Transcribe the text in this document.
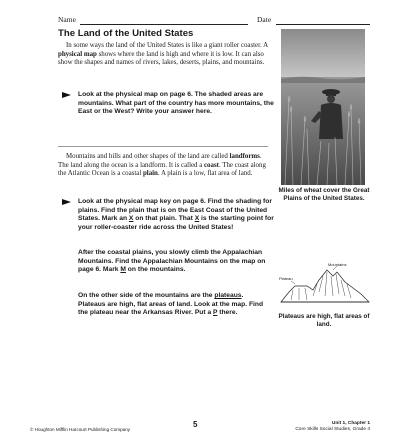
Name	Date
The Land of the United States
In some ways the land of the United States is like a giant roller coaster. A physical map shows where the land is high and where it is low. It can also show the shapes and names of rivers, lakes, deserts, plains, and mountains.
Look at the physical map on page 6. The shaded areas are mountains. What part of the country has more mountains, the East or the West? Write your answer here.
Mountains and hills and other shapes of the land are called landforms. The land along the ocean is a landform. It is called a coast. The coast along the Atlantic Ocean is a coastal plain. A plain is a low, flat area of land.
Look at the physical map key on page 6. Find the shading for plains. Find the plain that is on the East Coast of the United States. Mark an X on that plain. That X is the starting point for your roller-coaster ride across the United States!
After the coastal plains, you slowly climb the Appalachian Mountains. Find the Appalachian Mountains on the map on page 6. Mark M on the mountains.
On the other side of the mountains are the plateaus. Plateaus are high, flat areas of land. Look at the map. Find the plateau near the Arkansas River. Put a P there.
Miles of wheat cover the Great Plains of the United States.
Mountains
Plateau
Plateaus are high, flat areas of land.
© Houghton Mifflin Harcourt Publishing Company
5	Unit 1, Chapter 1
Core Skills Social Studies, Grade 4
